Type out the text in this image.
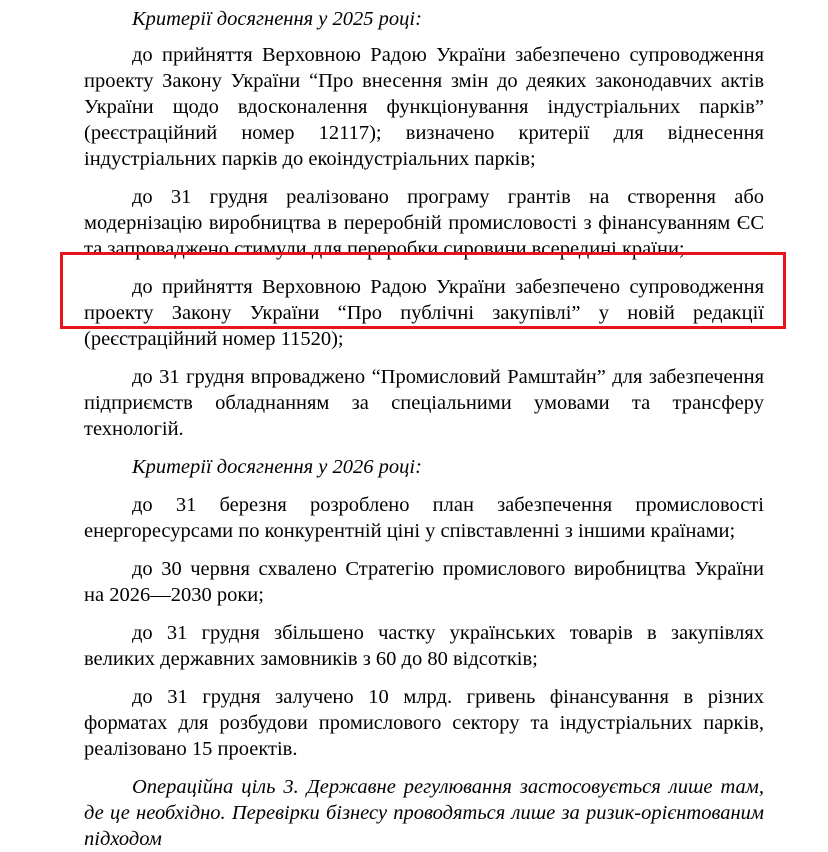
Критерії досягнення у 2025 році:

до прийняття Верховною Радою України забезпечено супроводження проекту Закону України “Про внесення змін до деяких законодавчих актів України щодо вдосконалення функціонування індустріальних парків” (реєстраційний номер 12117); визначено критерії для віднесення індустріальних парків до екоіндустріальних парків;

до 31 грудня реалізовано програму грантів на створення або модернізацію виробництва в переробній промисловості з фінансуванням ЄС та запроваджено стимули для переробки сировини всередині країни;

до прийняття Верховною Радою України забезпечено супроводження проекту Закону України “Про публічні закупівлі” у новій редакції (реєстраційний номер 11520);

до 31 грудня впроваджено “Промисловий Рамштайн” для забезпечення підприємств обладнанням за спеціальними умовами та трансферу технологій.

Критерії досягнення у 2026 році:

до 31 березня розроблено план забезпечення промисловості енергоресурсами по конкурентній ціні у співставленні з іншими країнами;

до 30 червня схвалено Стратегію промислового виробництва України на 2026—2030 роки;

до 31 грудня збільшено частку українських товарів в закупівлях великих державних замовників з 60 до 80 відсотків;

до 31 грудня залучено 10 млрд. гривень фінансування в різних форматах для розбудови промислового сектору та індустріальних парків, реалізовано 15 проектів.

Операційна ціль 3. Державне регулювання застосовується лише там, де це необхідно. Перевірки бізнесу проводяться лише за ризик-орієнтованим підходом
